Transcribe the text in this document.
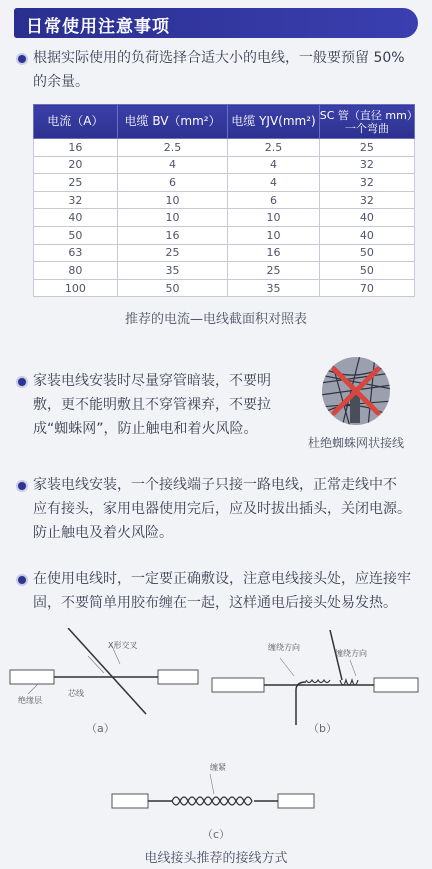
日常使用注意事项
根据实际使用的负荷选择合适大小的电线，一般要预留 50%
的余量。
电流（A）	电缆 BV（mm²）	电缆 YJV(mm²)	SC 管（直径 mm）
一个弯曲

16	2.5	2.5	25
20	4	4	32
25	6	4	32
32	10	6	32
40	10	10	40
50	16	10	40
63	25	16	50
80	35	25	50
100	50	35	70
推荐的电流—电线截面积对照表
家装电线安装时尽量穿管暗装，不要明
敷，更不能明敷且不穿管裸弃，不要拉
成“蜘蛛网”，防止触电和着火风险。
杜绝蜘蛛网状接线
家装电线安装，一个接线端子只接一路电线，正常走线中不
应有接头，家用电器使用完后，应及时拔出插头，关闭电源。
防止触电及着火风险。
在使用电线时，一定要正确敷设，注意电线接头处，应连接牢
固，不要简单用胶布缠在一起，这样通电后接头处易发热。
X形交叉
芯线
绝缘层
（a）
缠绕方向
缠绕方向
（b）
缠紧
（c）
电线接头推荐的接线方式
